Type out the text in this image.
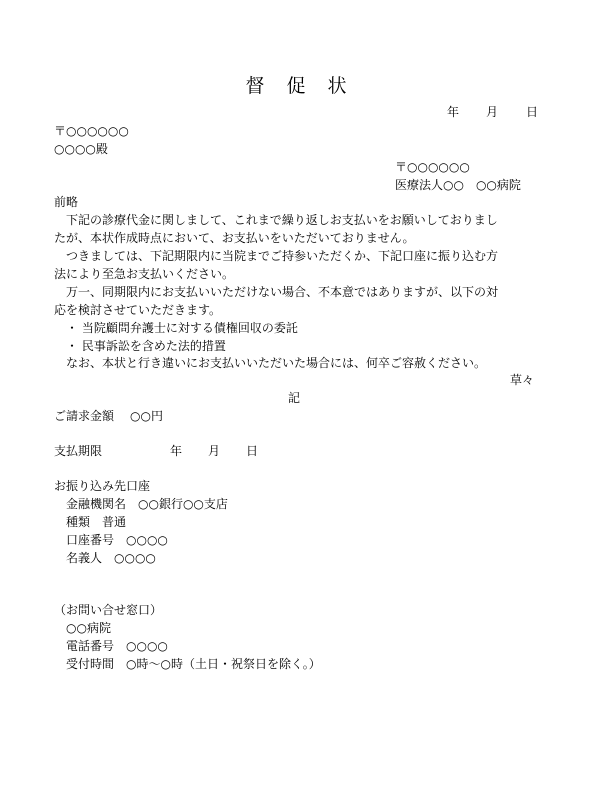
督 促 状
年 月 日
〒○○○○○○
○○○○殿
〒○○○○○○
医療法人○○　○○病院
前略
　下記の診療代金に関しまして、これまで繰り返しお支払いをお願いしておりまし
たが、本状作成時点において、お支払いをいただいておりません。
　つきましては、下記期限内に当院までご持参いただくか、下記口座に振り込む方
法により至急お支払いください。
　万一、同期限内にお支払いいただけない場合、不本意ではありますが、以下の対
応を検討させていただきます。
　・ 当院顧問弁護士に対する債権回収の委託
　・ 民事訴訟を含めた法的措置
　なお、本状と行き違いにお支払いいただいた場合には、何卒ご容赦ください。
草々
記
ご請求金額 ○○円
支払期限	年 月 日
お振り込み先口座
金融機関名　○○銀行○○支店
種類　普通
口座番号　○○○○
名義人　○○○○
（お問い合せ窓口）
○○病院
電話番号　○○○○
受付時間　○時～○時（土日・祝祭日を除く。）
